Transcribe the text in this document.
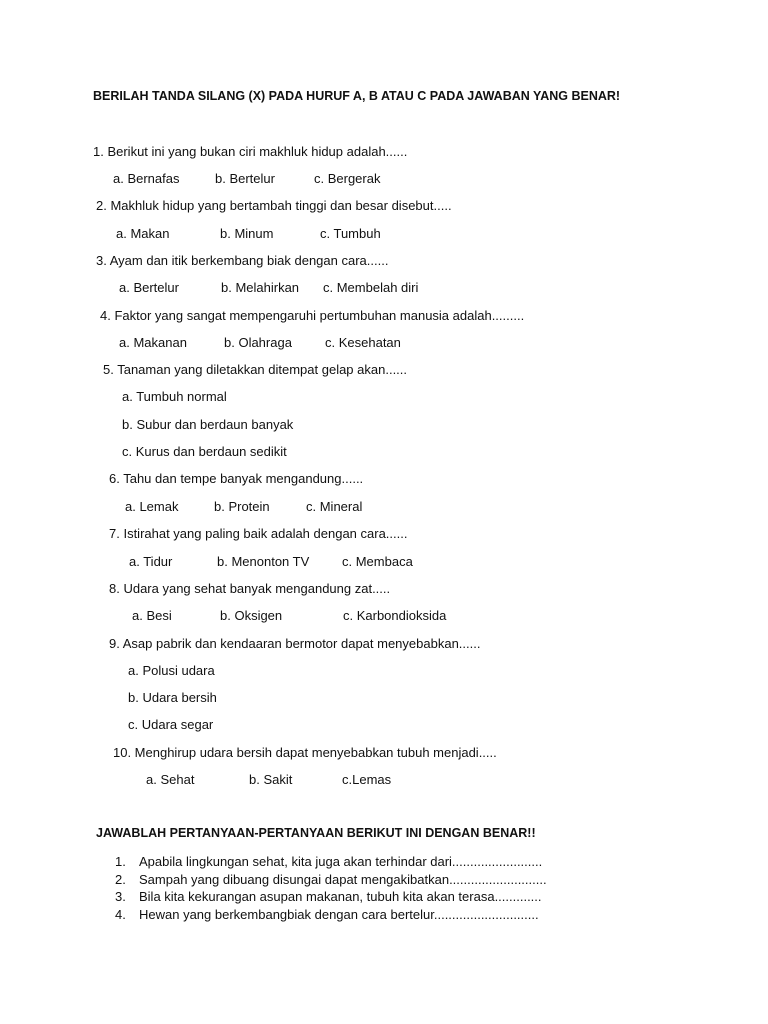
BERILAH TANDA SILANG (X) PADA HURUF A, B ATAU C PADA JAWABAN YANG BENAR!
1. Berikut ini yang bukan ciri makhluk hidup adalah......
a. Bernafas	b. Bertelur	c. Bergerak
2. Makhluk hidup yang bertambah tinggi dan besar disebut.....
a. Makan	b. Minum	c. Tumbuh
3. Ayam dan itik berkembang biak dengan cara......
a. Bertelur	b. Melahirkan c. Membelah diri
4. Faktor yang sangat mempengaruhi pertumbuhan manusia adalah.........
a. Makanan	b. Olahraga	c. Kesehatan
5. Tanaman yang diletakkan ditempat gelap akan......
a. Tumbuh normal
b. Subur dan berdaun banyak
c. Kurus dan berdaun sedikit
6. Tahu dan tempe banyak mengandung......
a. Lemak	b. Protein	c. Mineral
7. Istirahat yang paling baik adalah dengan cara......
a. Tidur	b. Menonton TV	c. Membaca
8. Udara yang sehat banyak mengandung zat.....
a. Besi	b. Oksigen	c. Karbondioksida
9. Asap pabrik dan kendaaran bermotor dapat menyebabkan......
a. Polusi udara
b. Udara bersih
c. Udara segar
10. Menghirup udara bersih dapat menyebabkan tubuh menjadi.....
a. Sehat	b. Sakit	c.Lemas
JAWABLAH PERTANYAAN-PERTANYAAN BERIKUT INI DENGAN BENAR!!
1. Apabila lingkungan sehat, kita juga akan terhindar dari.........................
2. Sampah yang dibuang disungai dapat mengakibatkan...........................
3. Bila kita kekurangan asupan makanan, tubuh kita akan terasa.............
4. Hewan yang berkembangbiak dengan cara bertelur.............................
